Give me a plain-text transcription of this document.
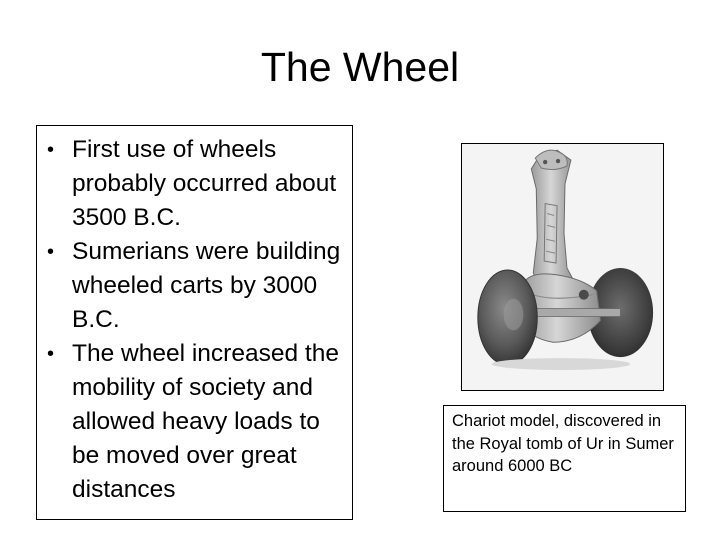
The Wheel
• First use of wheels probably occurred about 3500 B.C.
• Sumerians were building wheeled carts by 3000 B.C.
• The wheel increased the mobility of society and allowed heavy loads to be moved over great distances
Chariot model, discovered in the Royal tomb of Ur in Sumer around 6000 BC
